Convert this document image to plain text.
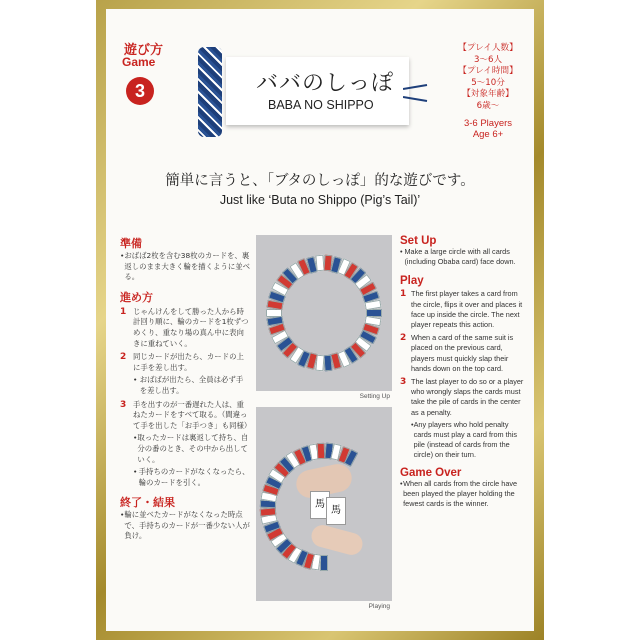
遊び方
Game
3	ババのしっぽ
BABA NO SHIPPO
【プレイ人数】
3〜6人
【プレイ時間】
5〜10分
【対象年齢】
6歳〜
3-6 Players
Age 6+
簡単に言うと、「ブタのしっぽ」的な遊びです。
Just like ‘Buta no Shippo (Pig’s Tail)’
準備
• おばば2枚を含む38枚のカードを、裏返しのまま大きく輪を描くように並べる。
進め方
1 じゃんけんをして勝った人から時計回り順に、輪のカードを1枚ずつめくり、重なり場の真ん中に表向きに重ねていく。
2 同じカードが出たら、カードの上に手を差し出す。
• おばばが出たら、全員は必ず手を差し出す。
3 手を出すのが一番遅れた人は、重ねたカードをすべて取る。（間違って手を出した「お手つき」も同様）
• 取ったカードは裏返して持ち、自分の番のとき、その中から出していく。
• 手持ちのカードがなくなったら、輪のカードを引く。
終了・結果
• 輪に並べたカードがなくなった時点で、手持ちのカードが一番少ない人が負け。
Setting Up
馬
馬
Playing
Set Up
• Make a large circle with all cards (including Obaba card) face down.
Play
1 The first player takes a card from the circle, flips it over and places it face up inside the circle. The next player repeats this action.
2 When a card of the same suit is placed on the previous card, players must quickly slap their hands down on the top card.
3 The last player to do so or a player who wrongly slaps the cards must take the pile of cards in the center as a penalty.
• Any players who hold penalty cards must play a card from this pile (instead of cards from the circle) on their turn.
Game Over
• When all cards from the circle have been played the player holding the fewest cards is the winner.
